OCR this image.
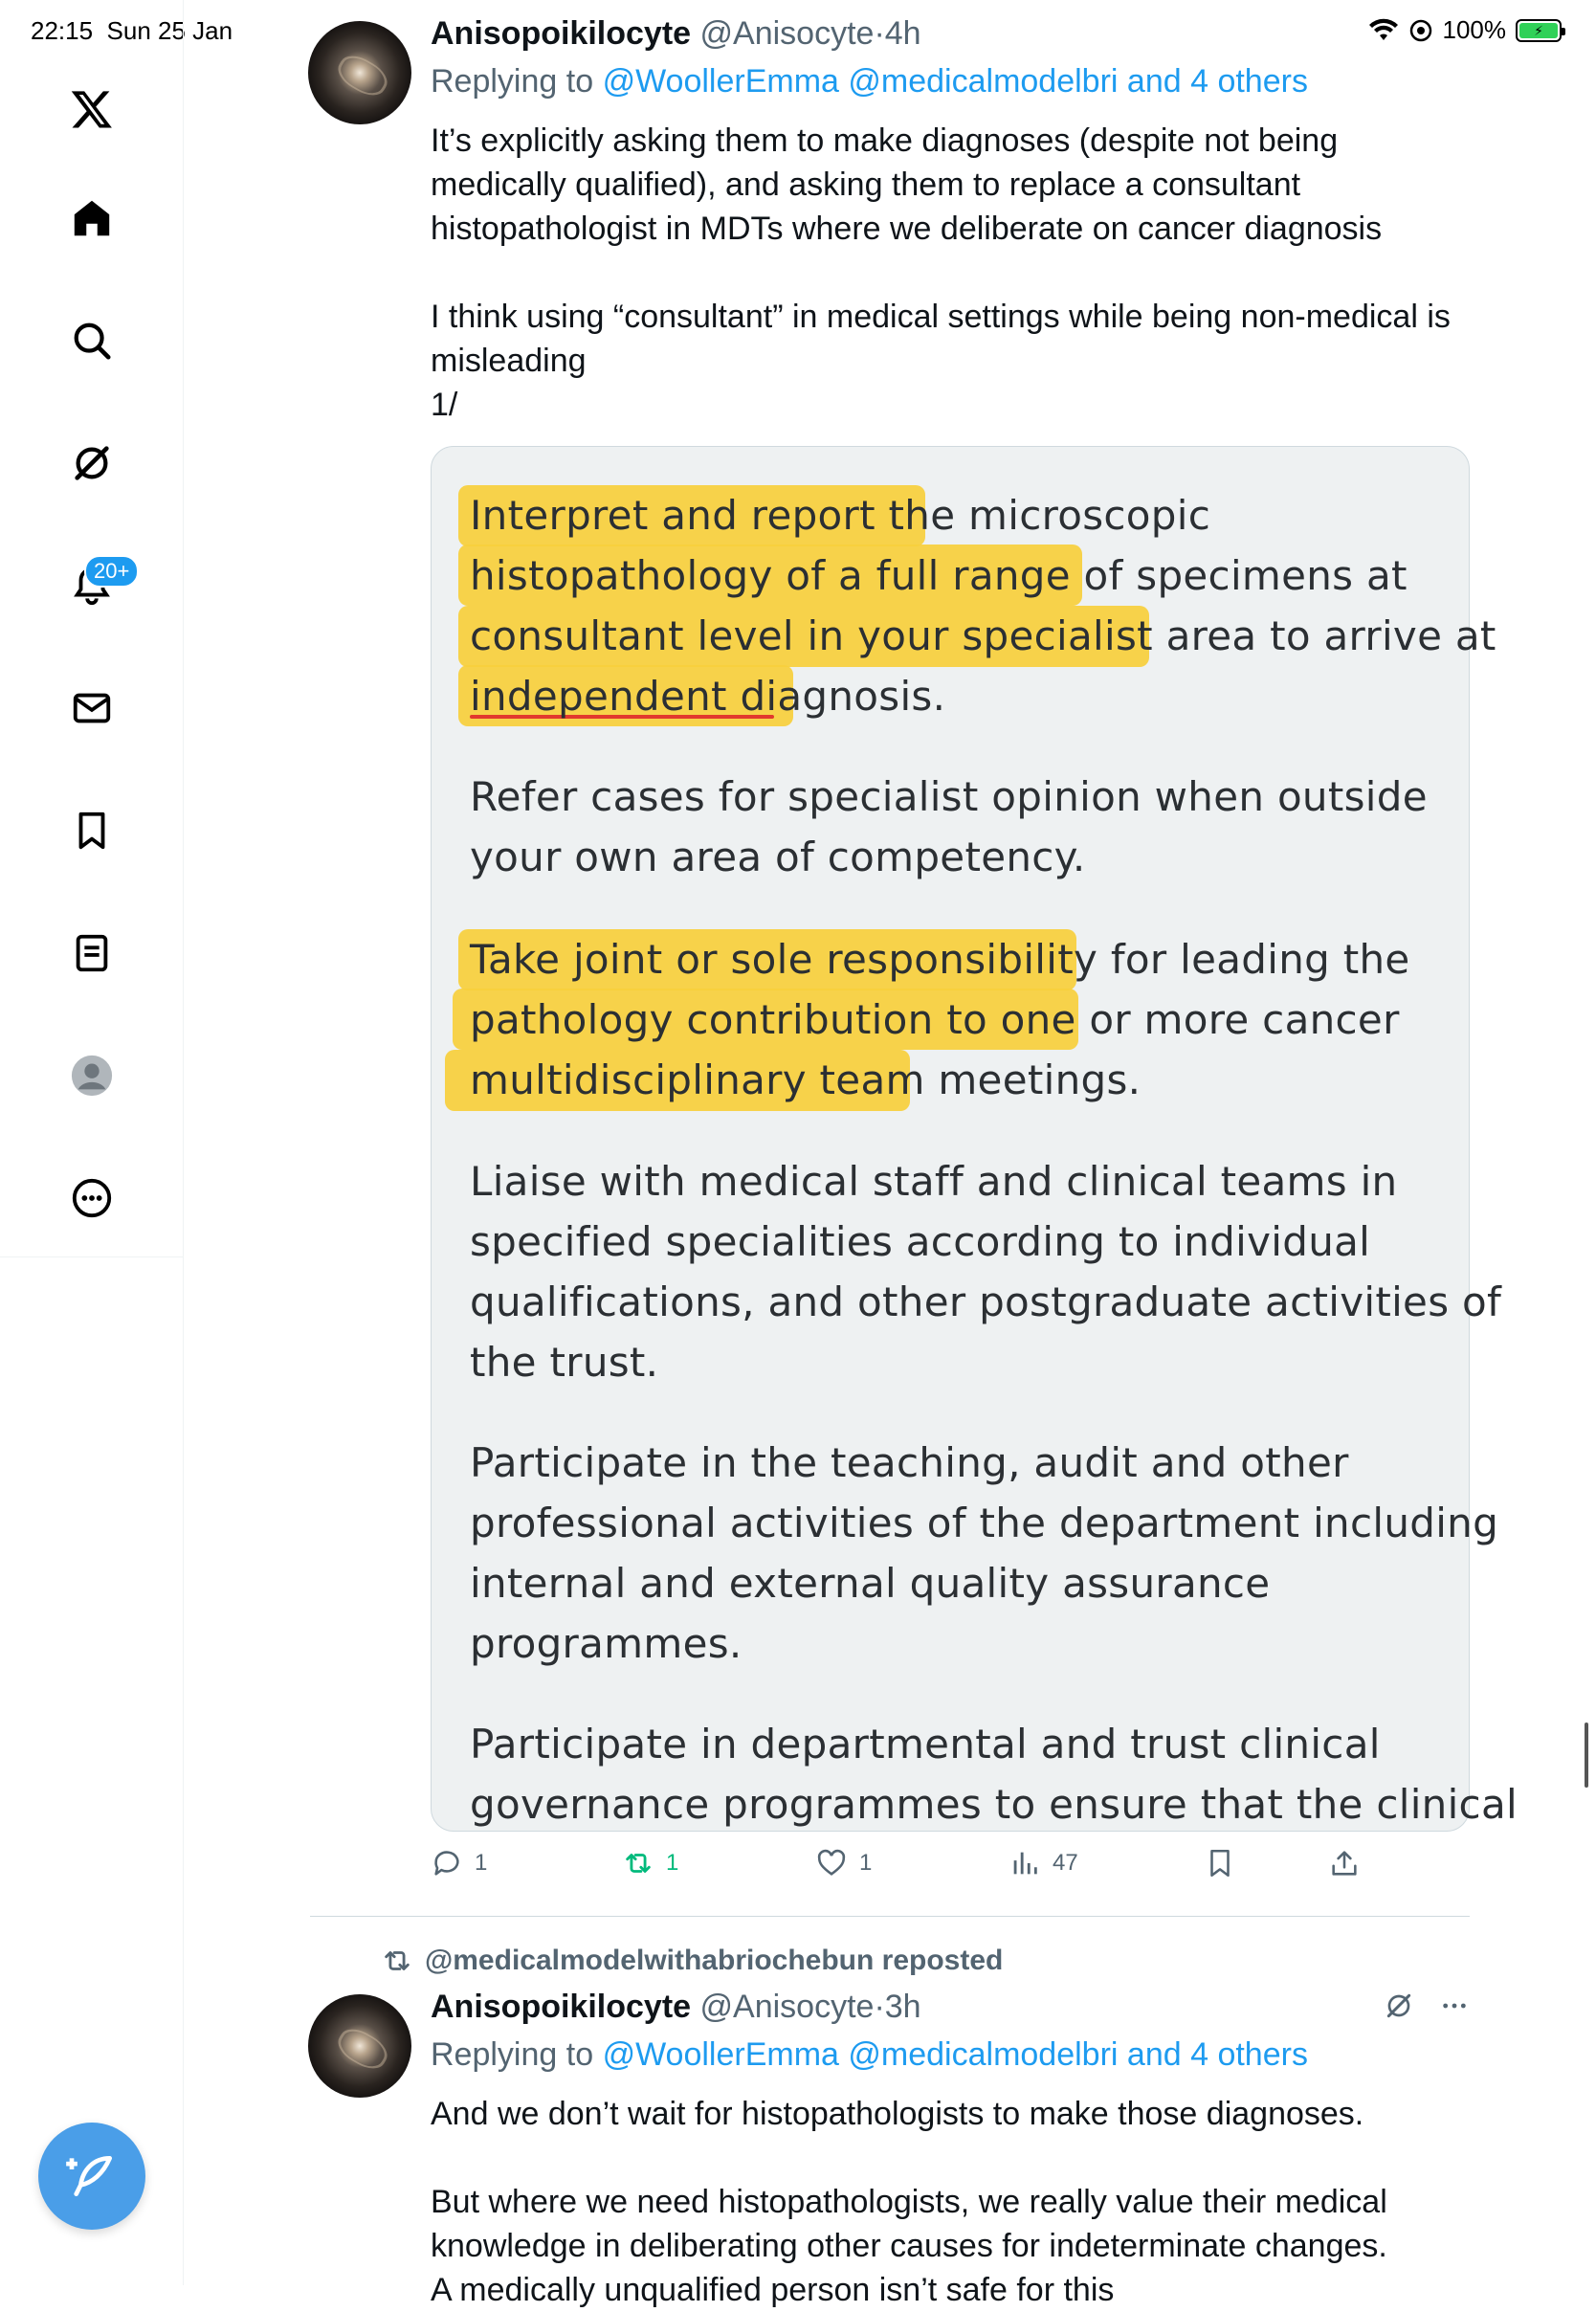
22:15 Sun 25 Jan	100%	⚡
20+
Anisopoikilocyte @Anisocyte·4h
Replying to @WoollerEmma @medicalmodelbri and 4 others

It’s explicitly asking them to make diagnoses (despite not being

medically qualified), and asking them to replace a consultant

histopathologist in MDTs where we deliberate on cancer diagnosis

I think using “consultant” in medical settings while being non-medical is

misleading

1/

Interpret and report the microscopic
histopathology of a full range of specimens at
consultant level in your specialist area to arrive at
independent diagnosis.
Refer cases for specialist opinion when outside
your own area of competency.
Take joint or sole responsibility for leading the
pathology contribution to one or more cancer
multidisciplinary team meetings.
Liaise with medical staff and clinical teams in
specified specialities according to individual
qualifications, and other postgraduate activities of
the trust.
Participate in the teaching, audit and other
professional activities of the department including
internal and external quality assurance
programmes.
Participate in departmental and trust clinical
governance programmes to ensure that the clinical
1	1	1	47
@medicalmodelwithabriochebun reposted
Anisopoikilocyte @Anisocyte·3h
Replying to @WoollerEmma @medicalmodelbri and 4 others

And we don’t wait for histopathologists to make those diagnoses.

But where we need histopathologists, we really value their medical

knowledge in deliberating other causes for indeterminate changes.

A medically unqualified person isn’t safe for this
